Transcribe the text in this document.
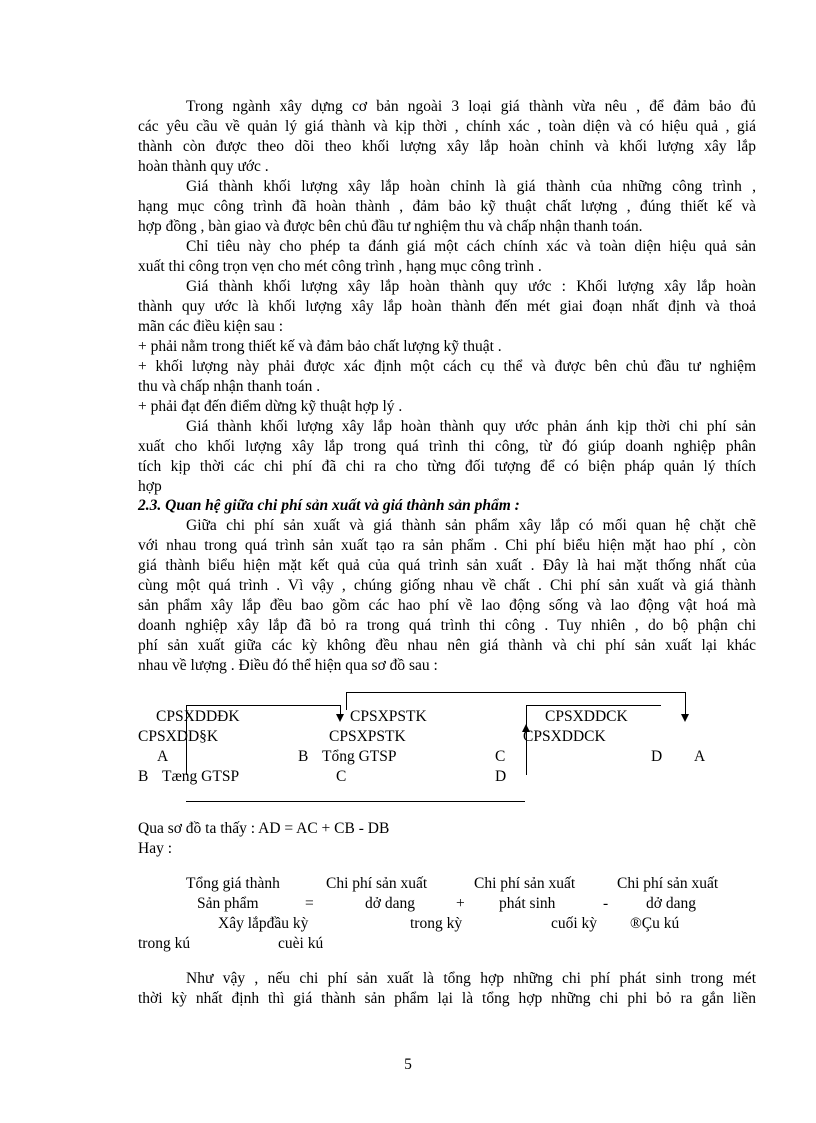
Trong ngành xây dựng cơ bản ngoài 3 loại giá thành vừa nêu , để đảm bảo đủ
các yêu cầu về quản lý giá thành và kịp thời , chính xác , toàn diện và có hiệu quả , giá
thành còn được theo dõi theo khối lượng xây lắp hoàn chỉnh và khối lượng xây lắp
hoàn thành quy ước .
Giá thành khối lượng xây lắp hoàn chỉnh là giá thành của những công trình ,
hạng mục công trình đã hoàn thành , đảm bảo kỹ thuật chất lượng , đúng thiết kế và
hợp đồng , bàn giao và được bên chủ đầu tư nghiệm thu và chấp nhận thanh toán.
Chỉ tiêu này cho phép ta đánh giá một cách chính xác và toàn diện hiệu quả sản
xuất thi công trọn vẹn cho mét công trình , hạng mục công trình .
Giá thành khối lượng xây lắp hoàn thành quy ước : Khối lượng xây lắp hoàn
thành quy ước là khối lượng xây lắp hoàn thành đến mét giai đoạn nhất định và thoả
mãn các điều kiện sau :
+ phải nằm trong thiết kế và đảm bảo chất lượng kỹ thuật .
+ khối lượng này phải được xác định một cách cụ thể và được bên chủ đầu tư nghiệm
thu và chấp nhận thanh toán .
+ phải đạt đến điểm dừng kỹ thuật hợp lý .
Giá thành khối lượng xây lắp hoàn thành quy ước phản ánh kịp thời chi phí sản
xuất cho khối lượng xây lắp trong quá trình thi công, từ đó giúp doanh nghiệp phân
tích kịp thời các chi phí đã chi ra cho từng đối tượng để có biện pháp quản lý thích
hợp
2.3. Quan hệ giữa chi phí sản xuất và giá thành sản phẩm :
Giữa chi phí sản xuất và giá thành sản phẩm xây lắp có mối quan hệ chặt chẽ
với nhau trong quá trình sản xuất tạo ra sản phẩm . Chi phí biểu hiện mặt hao phí , còn
giá thành biểu hiện mặt kết quả của quá trình sản xuất . Đây là hai mặt thống nhất của
cùng một quá trình . Vì vậy , chúng giống nhau về chất . Chi phí sản xuất và giá thành
sản phẩm xây lắp đều bao gồm các hao phí về lao động sống và lao động vật hoá mà
doanh nghiệp xây lắp đã bỏ ra trong quá trình thi công . Tuy nhiên , do bộ phận chi
phí sản xuất giữa các kỳ không đều nhau nên giá thành và chi phí sản xuất lại khác
nhau về lượng . Điều đó thể hiện qua sơ đồ sau :
CPSXDDĐK	CPSXPSTK	CPSXDDCK
CPSXDD§K	CPSXPSTK	CPSXDDCK
A	B Tổng GTSP	C	D A
B Tæng GTSP	C	D
Qua sơ đồ ta thấy : AD = AC + CB - DB
Hay :
Tổng giá thành	Chi phí sản xuất	Chi phí sản xuất	Chi phí sản xuất
Sản phẩm	=	dở dang	+ phát sinh	- dở dang
Xây lắpđầu kỳ	trong kỳ	cuối kỳ ®Çu kú
trong kú	cuèi kú
Như vậy , nếu chi phí sản xuất là tổng hợp những chi phí phát sinh trong mét
thời kỳ nhất định thì giá thành sản phẩm lại là tổng hợp những chi phi bỏ ra gắn liền
5
